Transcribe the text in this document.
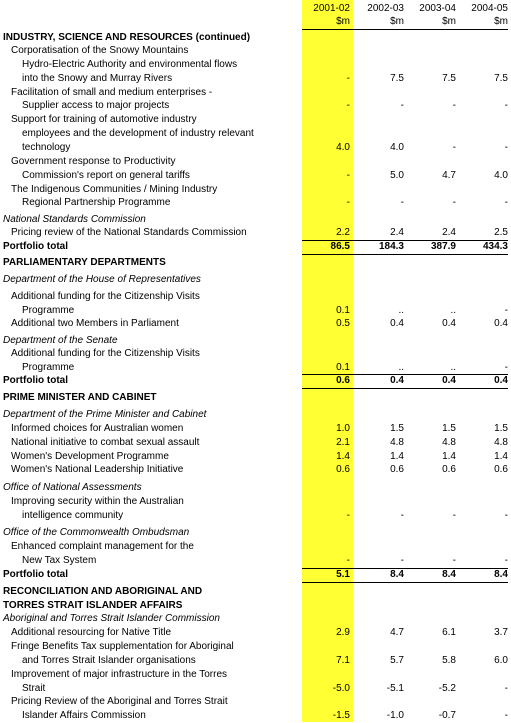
2001-02	2002-03	2003-04	2004-05
$m	$m	$m	$m
INDUSTRY, SCIENCE AND RESOURCES (continued)
Corporatisation of the Snowy Mountains
Hydro-Electric Authority and environmental flows
into the Snowy and Murray Rivers	-	7.5	7.5	7.5
Facilitation of small and medium enterprises -
Supplier access to major projects	-	-	-	-
Support for training of automotive industry
employees and the development of industry relevant
technology	4.0	4.0	-	-
Government response to Productivity
Commission's report on general tariffs	-	5.0	4.7	4.0
The Indigenous Communities / Mining Industry
Regional Partnership Programme	-	-	-	-
National Standards Commission
Pricing review of the National Standards Commission	2.2	2.4	2.4	2.5
Portfolio total	86.5	184.3	387.9	434.3
PARLIAMENTARY DEPARTMENTS
Department of the House of Representatives
Additional funding for the Citizenship Visits
Programme	0.1	..	..	-
Additional two Members in Parliament	0.5	0.4	0.4	0.4
Department of the Senate
Additional funding for the Citizenship Visits
Programme	0.1	..	..	-
Portfolio total	0.6	0.4	0.4	0.4
PRIME MINISTER AND CABINET
Department of the Prime Minister and Cabinet
Informed choices for Australian women	1.0	1.5	1.5	1.5
National initiative to combat sexual assault	2.1	4.8	4.8	4.8
Women's Development Programme	1.4	1.4	1.4	1.4
Women's National Leadership Initiative	0.6	0.6	0.6	0.6
Office of National Assessments
Improving security within the Australian
intelligence community	-	-	-	-
Office of the Commonwealth Ombudsman
Enhanced complaint management for the
New Tax System	-	-	-	-
Portfolio total	5.1	8.4	8.4	8.4
RECONCILIATION AND ABORIGINAL AND
TORRES STRAIT ISLANDER AFFAIRS
Aboriginal and Torres Strait Islander Commission
Additional resourcing for Native Title	2.9	4.7	6.1	3.7
Fringe Benefits Tax supplementation for Aboriginal
and Torres Strait Islander organisations	7.1	5.7	5.8	6.0
Improvement of major infrastructure in the Torres
Strait	-5.0	-5.1	-5.2	-
Pricing Review of the Aboriginal and Torres Strait
Islander Affairs Commission	-1.5	-1.0	-0.7	-
